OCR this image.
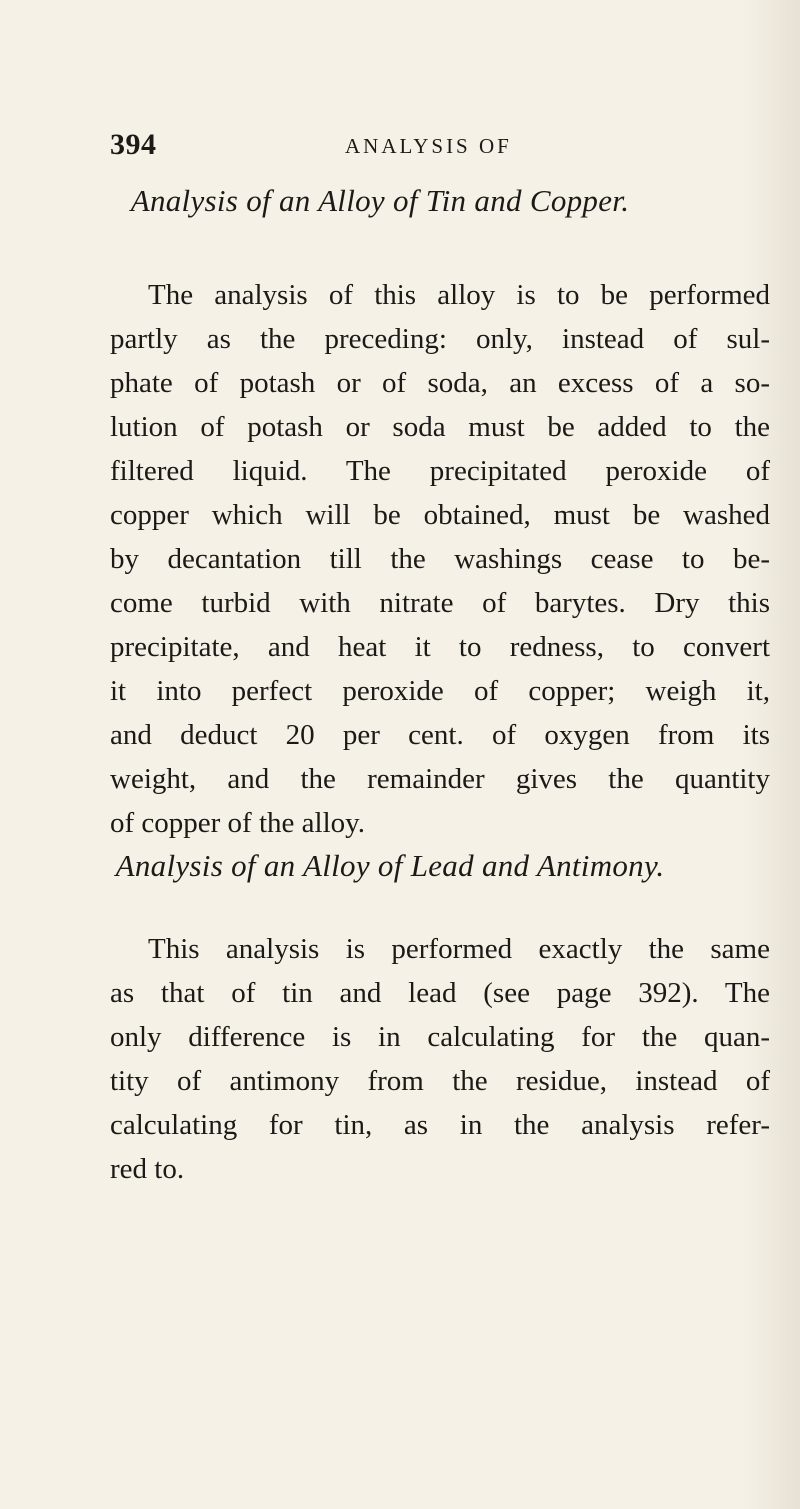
394	ANALYSIS OF
Analysis of an Alloy of Tin and Copper.
The analysis of this alloy is to be performed
partly as the preceding: only, instead of sul-
phate of potash or of soda, an excess of a so-
lution of potash or soda must be added to the
filtered liquid. The precipitated peroxide of
copper which will be obtained, must be washed
by decantation till the washings cease to be-
come turbid with nitrate of barytes. Dry this
precipitate, and heat it to redness, to convert
it into perfect peroxide of copper; weigh it,
and deduct 20 per cent. of oxygen from its
weight, and the remainder gives the quantity
of copper of the alloy.
Analysis of an Alloy of Lead and Antimony.
This analysis is performed exactly the same
as that of tin and lead (see page 392). The
only difference is in calculating for the quan-
tity of antimony from the residue, instead of
calculating for tin, as in the analysis refer-
red to.
